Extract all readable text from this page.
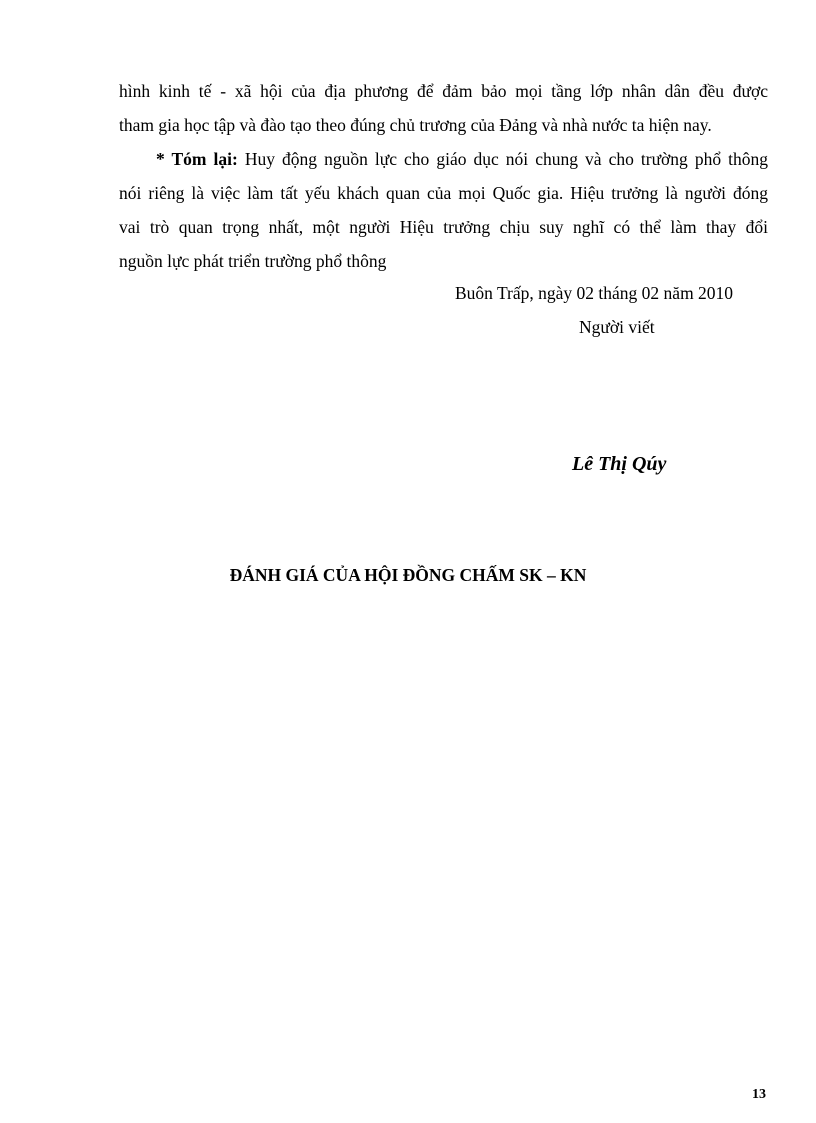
hình kinh tế - xã hội của địa phương để đảm bảo mọi tầng lớp nhân dân đều được
tham gia học tập và đào tạo theo đúng chủ trương của Đảng và nhà nước ta hiện nay.
* Tóm lại: Huy động nguồn lực cho giáo dục nói chung và cho trường phổ thông
nói riêng là việc làm tất yếu khách quan của mọi Quốc gia. Hiệu trưởng là người đóng
vai trò quan trọng nhất, một người Hiệu trưởng chịu suy nghĩ có thể làm thay đổi
nguồn lực phát triển trường phổ thông
Buôn Trấp, ngày 02 tháng 02 năm 2010
Người viết
Lê Thị Qúy
ĐÁNH GIÁ CỦA HỘI ĐỒNG CHẤM SK – KN
13
